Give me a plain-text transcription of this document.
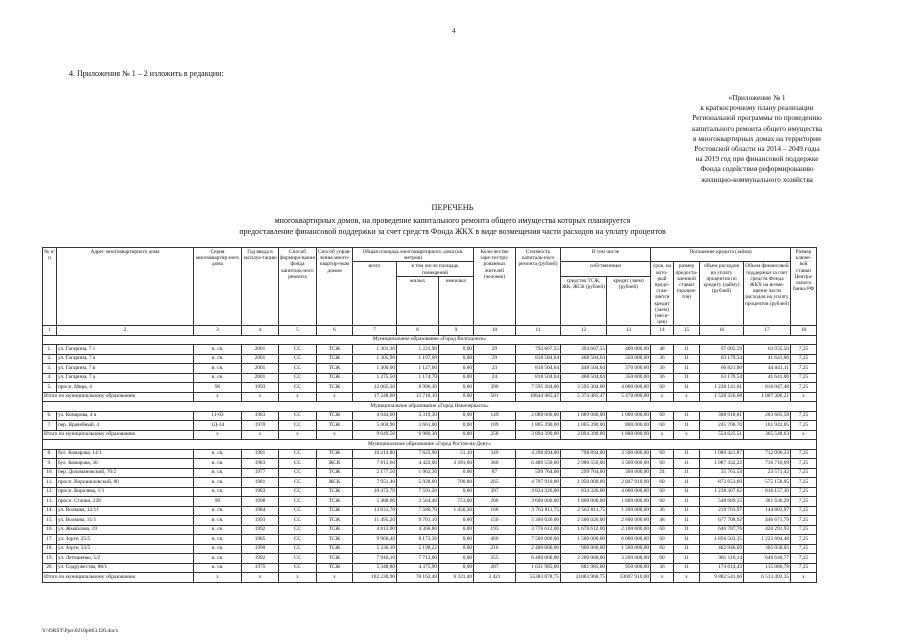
4
4. Приложения № 1 – 2 изложить в редакции:
«Приложение № 1
к краткосрочному плану реализации
Региональной программы по проведению
капитального ремонта общего имущества
в многоквартирных домах на территории
Ростовской области на 2014 – 2049 годы
на 2019 год при финансовой поддержке
Фонда содействия реформированию
жилищно-коммунального хозяйства
ПЕРЕЧЕНЬ
многоквартирных домов, на проведение капитального ремонта общего имущества которых планируется
предоставление финансовой поддержки за счет средств Фонда ЖКХ в виде возмещения части расходов на уплату процентов
№ п/п	Адрес многоквартирного дома	Серия многоквартир-ного дома	Год ввода в эксплуа-тацию	Способ формиро-вания фонда капиталь-ного ремонта	Способ управ-ления много-квартир-ным домом	Общая площадь многоквартирного дома (кв. метров)			Коли-чество заре-гистри-рованных жителей (человек)	Стоимость капиталь-ного ремонта (рублей)	В том числе		Погашение кредита (займа)				Размер ключе-вой ставки Центра-льного банка РФ
						всего	в том числе площадь помещений				собственники		срок, на кото-рый предо-став-ляется кредит (заем) (меся-цев)	размер предоста-вленной ставки (процен-тов)	объем расходов на уплату процентов по кредиту (займу) (рублей)	Объем финансовой поддержки за счет средств Фонда ЖКХ на возме-щение части расходов на уплату процентов (рублей)	
							жилых	нежилых			средства ТСЖ, ЖК, ЖСК (рублей)	кредит (заем) (рублей)					

1	2	3	4	5	6	7	8	9	10	11	12	13	14	15	16	17	18
Муниципальное образование «Город Волгодонск»																	
1.	ул. Гагарина, 7 з	и. св.	2001	СС	ТСЖ	1 301,30	1 221,90	0,00	29	793 667,55	393 667,55	400 000,00	48	11	97 005,59	63 935,50	7,25
2.	ул. Гагарина, 7 а	и. св.	2001	СС	ТСЖ	1 305,90	1 197,60	0,00	29	818 504,64	468 504,64	350 000,00	36	11	63 179,54	41 641,06	7,25
3.	ул. Гагарина, 7 в	и. св.	2001	СС	ТСЖ	1 300,00	1 127,60	0,00	23	818 504,64	448 504,64	370 000,00	36	11	66 821,00	44 041,11	7,25
4.	ул. Гагарина, 7 а	и. св.	2001	СС	ТСЖ	1 275,50	1 174,70	0,00	24	818 504,64	468 504,64	350 000,00	36	11	63 179,54	41 641,06	7,25
5.	просп. Мира, 4	96	1993	СС	ТСЖ	12 065,30	8 996,30	0,00	396	7 595 304,00	3 595 304,00	4 000 000,00	60	11	1 238 141,01	816 047,48	7,25
Итого по муниципальному образованию		x	x	x	x	17 248,00	13 718,10	0,00	501	10844 485,47	5 374 485,47	5 470 000,00	x	x	1 528 326,68	1 007 306,21	x
Муниципальное образование «Город Новочеркасск»																	
6.	ул. Комарова, 4 в	11-03	1983	СС	ТСЖ	4 044,60	3 319,30	0,00	149	2 089 000,00	1 089 000,00	1 000 000,00	60	11	308 918,81	203 605,58	7,25
7.	пер. Врачебный, 4	1Д-34	1970	СС	ТСЖ	5 004,90	3 661,00	0,00	109	1 805 390,00	1 005 390,00	800 000,00	60	11	245 706,70	161 943,05	7,25
Итого по муниципальному образованию		x	x	x	x	9 049,50	6 980,30	0,00	258	3 894 390,00	2 094 390,00	1 800 000,00	x	x	554 625,51	365 548,63	x
Муниципальное образование «Город Ростов-на-Дону»																	
8.	бул. Комарова, 14/1	и. св.	1981	СС	ТСЖ	10 214,80	7 625,90	51,10	349	4 298 894,00	798 894,00	3 500 000,00	60	11	1 080 421,87	712 096,23	7,25
9.	бул. Комарова, 30	и. св.	1983	СС	ЖСК	7 813,60	4 422,00	3 391,60	360	6 480 550,00	2 980 550,00	3 500 000,00	60	11	1 087 432,22	716 716,69	7,25
10.	пер. Доломановский, 70/2	и. св.	1977	СС	ТСЖ	2 177,50	1 962,30	0,00	87	599 764,00	299 764,00	300 000,00	24	11	35 763,54	23 571,42	7,25
11.	просп. Ворошиловский, 80	и. св.	1981	СС	ЖСК	7 951,40	5 928,60	700,80	265	4 797 910,00	1 950 000,00	2 847 910,00	60	11	872 653,60	575 158,05	7,25
12.	просп. Королева, 1/1	и. св.	1983	СС	ТСЖ	10 472,70	7 591,20	0,00	397	4 834 326,00	834 326,00	4 000 000,00	60	11	1 238 307,62	816 157,30	7,25
13.	просп. Стачки, 228	90	1998	СС	ТСЖ	5 488,60	3 564,40	751,60	208	3 600 000,00	1 800 000,00	1 800 000,00	60	11	548 689,55	361 636,29	7,25
14.	ул. Волкова, 12/11	и. св.	1984	СС	ТСЖ	13 031,70	7 580,70	1 456,30	168	3 763 811,75	2 563 811,75	1 200 000,00	36	11	219 701,97	144 803,97	7,25
15.	ул. Волкова, 31/1	и. св.	1993	СС	ТСЖ	11 495,20	9 761,10	0,00	150	5 300 026,00	2 500 026,00	2 800 000,00	48	11	677 708,92	446 671,79	7,25
16.	ул. Жмайлова, 19	и. св.	1992	СС	ТСЖ	4 813,00	4 366,80	0,00	193	3 776 612,00	1 676 612,00	2 100 000,00	60	11	646 787,76	420 291,93	7,25
17.	ул. Зорге, 25/5	и. св.	1985	СС	ТСЖ	9 966,40	8 173,36	0,00	466	7 500 000,00	1 500 000,00	6 000 000,00	60	11	1 856 503,35	1 223 604,48	7,25
18.	ул. Зорге, 33/5	и. св.	1990	СС	ТСЖ	5 336,10	5 198,22	0,00	216	2 400 000,00	900 000,00	1 500 000,00	60	11	462 946,69	305 058,05	7,25
19.	ул. Летошенко, 5/2	и. св.	1992	СС	ТСЖ	7 916,10	7 712,00	0,00	355	6 400 000,00	3 200 000,00	3 200 000,00	60	11	981 110,14	646 640,77	7,25
20.	ул. Содружества, 88/1	и. св.	1975	СС	ТСЖ	5 348,80	4 375,90	0,00	207	1 631 985,00	681 985,00	950 000,00	36	11	174 614,43	115 086,78	7,25
Итого по муниципальному образованию		x	x	x	x	102 230,90	78 162,48	6 331,40	3 421	55383 878,75	21083 968,75	33697 910,00	x	x	9 882 541,66	6 513 493,35	x
Y:\ORST\Ppo\0210p063.f20.docx
